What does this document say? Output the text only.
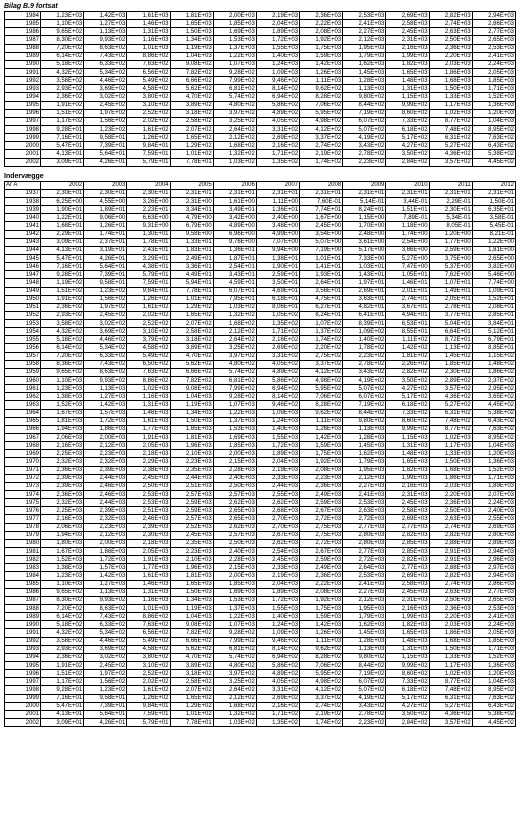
Bilag B.9 fortsat
1984	1,23E+03	1,42E+03	1,61E+03	1,81E+03	2,00E+03	2,19E+03	2,36E+03	2,53E+03	2,69E+03	2,82E+03	2,94E+03
1985	1,10E+03	1,27E+03	1,46E+03	1,65E+03	1,85E+03	2,04E+03	2,22E+03	2,41E+03	2,58E+03	2,74E+03	2,86E+03
1986	9,65E+02	1,13E+03	1,31E+03	1,50E+03	1,69E+03	1,89E+03	2,08E+03	2,27E+03	2,45E+03	2,63E+03	2,77E+03
1987	8,30E+02	9,93E+02	1,16E+03	1,34E+03	1,53E+03	1,72E+03	1,92E+03	2,12E+03	2,31E+03	2,50E+03	2,65E+03
1988	7,20E+02	8,63E+02	1,01E+03	1,19E+03	1,37E+03	1,55E+03	1,75E+03	1,95E+03	2,16E+03	2,36E+03	2,53E+03
1989	6,14E+02	7,43E+02	8,86E+02	1,04E+03	1,22E+03	1,40E+03	1,59E+03	1,79E+03	1,99E+03	2,20E+03	2,41E+03
1990	5,18E+02	6,33E+02	7,63E+02	9,08E+02	1,07E+03	1,24E+03	1,42E+03	1,62E+03	1,82E+03	2,03E+03	2,24E+03
1991	4,32E+02	5,34E+02	6,56E+02	7,82E+02	9,28E+02	1,09E+03	1,26E+03	1,45E+03	1,65E+03	1,86E+03	2,05E+03
1992	3,58E+02	4,46E+02	5,49E+02	6,66E+02	7,99E+02	9,46E+02	1,11E+03	1,28E+03	1,48E+03	1,68E+03	1,85E+03
1993	2,93E+02	3,69E+02	4,58E+02	5,62E+02	6,81E+02	8,14E+02	9,62E+02	1,13E+03	1,31E+03	1,50E+03	1,71E+03
1994	2,36E+02	3,02E+02	3,80E+02	4,70E+02	5,74E+02	6,94E+02	8,28E+02	9,80E+02	1,15E+03	1,33E+03	1,52E+03
1995	1,91E+02	2,45E+02	3,10E+02	3,89E+02	4,80E+02	5,86E+02	7,06E+02	8,44E+02	9,99E+02	1,17E+03	1,36E+03
1996	1,51E+02	1,97E+02	2,52E+02	3,18E+02	3,97E+02	4,89E+02	5,95E+02	7,19E+02	8,60E+02	1,02E+03	1,20E+03
1997	1,17E+02	1,56E+02	2,02E+02	2,58E+02	3,25E+02	4,05E+02	4,98E+02	6,07E+02	7,33E+02	8,77E+02	1,04E+03
1998	9,28E+01	1,23E+02	1,61E+02	2,07E+02	2,64E+02	3,31E+02	4,12E+02	5,07E+02	6,18E+02	7,48E+02	8,95E+02
1999	7,16E+01	9,58E+01	1,26E+02	1,65E+02	2,12E+02	2,69E+02	3,37E+02	4,19E+02	5,17E+02	6,31E+02	7,63E+02
2000	5,47E+01	7,39E+01	9,84E+01	1,29E+02	1,68E+02	2,16E+02	2,74E+02	3,43E+02	4,27E+02	5,27E+02	6,43E+02
2001	4,13E+01	5,64E+01	7,59E+01	1,01E+02	1,32E+02	1,71E+02	2,19E+02	2,78E+02	3,50E+02	4,36E+02	5,38E+02
2002	3,09E+01	4,26E+01	5,79E+01	7,78E+01	1,03E+02	1,35E+02	1,74E+02	2,23E+02	2,84E+02	3,57E+02	4,45E+02
Indervægge
År A	2002	2003	2004	2005	2006	2007	2008	2009	2010	2011	2012
1937	2,30E+01	2,30E+01	2,30E+01	2,31E+01	2,31E+01	2,31E+01	2,31E+01	2,31E+01	2,31E+01	2,31E+01	2,31E+01
1938	6,25E+00	4,55E+00	3,26E+00	2,31E+00	1,61E+00	1,11E+00	7,60E-01	5,14E-01	3,44E-01	2,29E-01	1,50E-01
1939	1,90E+01	1,89E+01	2,23E+01	3,34E+01	3,49E+01	1,36E+01	7,74E+01	8,24E+01	1,51E+01	2,30E+01	6,35E+01
1940	1,22E+01	9,06E+00	6,63E+00	4,79E+00	3,42E+00	2,40E+00	1,67E+00	1,15E+00	7,89E-01	5,34E-01	3,58E-01
1941	1,68E+01	1,26E+01	9,31E+00	6,79E+00	4,89E+00	3,48E+00	2,45E+00	1,70E+00	1,18E+00	8,05E-01	5,45E-01
1942	2,29E+01	1,74E+01	1,30E+01	9,58E+00	6,96E+00	4,99E+00	3,54E+00	2,48E+00	1,74E+00	1,20E+00	8,21E-01
1943	3,09E+01	2,37E+01	1,78E+01	1,33E+01	9,76E+00	7,07E+00	5,07E+00	3,61E+00	2,54E+00	1,77E+00	1,22E+00
1944	4,13E+01	3,19E+01	2,43E+01	1,83E+01	1,36E+01	9,94E+00	7,19E+00	5,17E+00	3,66E+00	2,59E+00	1,81E+00
1945	5,47E+01	4,26E+01	3,29E+01	2,49E+01	1,87E+01	1,38E+01	1,01E+01	7,33E+00	5,27E+00	3,75E+00	2,65E+00
1946	7,16E+01	5,64E+01	4,38E+01	3,36E+01	2,54E+01	1,90E+01	1,41E+01	1,03E+01	7,47E+00	5,37E+00	3,82E+00
1947	9,28E+01	7,39E+01	5,79E+01	4,49E+01	3,43E+01	2,59E+01	1,93E+01	1,43E+01	1,05E+01	7,62E+00	5,46E+00
1948	1,19E+02	9,58E+01	7,59E+01	5,94E+01	4,59E+01	3,50E+01	2,64E+01	1,97E+01	1,46E+01	1,07E+01	7,74E+00
1949	1,51E+02	1,23E+02	9,84E+01	7,78E+01	6,07E+01	4,69E+01	3,56E+01	2,69E+01	2,01E+01	1,49E+01	1,09E+01
1950	1,91E+02	1,56E+02	1,26E+02	1,01E+02	7,95E+01	6,18E+01	4,75E+01	3,63E+01	2,74E+01	2,05E+01	1,52E+01
1951	2,36E+02	1,97E+02	1,61E+02	1,29E+02	1,03E+02	8,06E+01	6,27E+01	4,82E+01	3,67E+01	2,78E+01	2,08E+01
1952	2,93E+02	2,45E+02	2,02E+02	1,65E+02	1,32E+02	1,05E+02	8,24E+01	6,41E+01	4,94E+01	3,77E+01	2,85E+01
1953	3,58E+02	3,02E+02	2,52E+02	2,07E+02	1,68E+02	1,35E+02	1,07E+02	8,39E+01	6,53E+01	5,04E+01	3,84E+01
1954	4,32E+02	3,69E+02	3,10E+02	2,58E+02	2,12E+02	1,71E+02	1,37E+02	1,09E+02	8,55E+01	6,64E+01	5,12E+01
1955	5,18E+02	4,46E+02	3,79E+02	3,18E+02	2,64E+02	2,16E+02	1,74E+02	1,40E+02	1,11E+02	8,72E+01	6,79E+01
1956	6,14E+02	5,34E+02	4,58E+02	3,89E+02	3,25E+02	2,69E+02	2,20E+02	1,78E+02	1,42E+02	1,13E+02	8,85E+01
1957	7,20E+02	6,33E+02	5,49E+02	4,70E+02	3,97E+02	3,31E+02	2,75E+02	2,23E+02	1,81E+02	1,45E+02	1,15E+02
1958	8,36E+02	7,43E+02	6,50E+02	5,62E+02	4,80E+02	4,05E+02	3,37E+02	2,78E+02	2,26E+02	1,85E+02	1,48E+02
1959	9,65E+02	8,63E+02	7,63E+02	6,66E+02	5,74E+02	4,89E+02	4,12E+02	3,43E+02	2,82E+02	2,30E+02	1,86E+02
1960	1,10E+03	9,93E+02	8,86E+02	7,82E+02	6,81E+02	5,86E+02	4,98E+02	4,19E+02	3,50E+02	2,89E+02	2,37E+02
1961	1,23E+03	1,13E+03	1,02E+03	9,08E+02	7,99E+02	6,94E+02	5,95E+02	5,07E+02	4,27E+02	3,57E+02	2,95E+02
1962	1,38E+03	1,27E+03	1,16E+03	1,04E+03	9,28E+02	8,14E+02	7,06E+02	6,07E+02	5,17E+02	4,36E+02	3,65E+02
1963	1,52E+03	1,42E+03	1,31E+03	1,19E+03	1,07E+03	9,46E+02	8,28E+02	7,19E+02	6,18E+02	5,27E+02	4,45E+02
1964	1,67E+03	1,57E+03	1,46E+03	1,34E+03	1,22E+03	1,09E+03	9,62E+02	8,44E+02	7,33E+02	6,31E+02	5,38E+02
1965	1,81E+03	1,72E+03	1,61E+03	1,50E+03	1,37E+03	1,24E+03	1,11E+03	9,80E+02	8,60E+02	7,48E+02	6,43E+02
1966	1,94E+03	1,86E+03	1,77E+03	1,65E+03	1,53E+03	1,40E+03	1,26E+03	1,13E+03	9,99E+02	8,77E+02	7,63E+02
1967	2,06E+03	2,00E+03	1,91E+03	1,81E+03	1,69E+03	1,55E+03	1,42E+03	1,28E+03	1,15E+03	1,02E+03	8,95E+02
1968	2,16E+03	2,12E+03	2,05E+03	1,96E+03	1,85E+03	1,72E+03	1,59E+03	1,45E+03	1,31E+03	1,17E+03	1,04E+03
1969	2,25E+03	2,23E+03	2,18E+03	2,10E+03	2,00E+03	1,89E+03	1,75E+03	1,62E+03	1,48E+03	1,33E+03	1,20E+03
1970	2,32E+03	2,32E+03	2,29E+03	2,23E+03	2,15E+03	2,04E+03	1,92E+03	1,79E+03	1,65E+03	1,50E+03	1,36E+03
1971	2,36E+03	2,39E+03	2,38E+03	2,35E+03	2,28E+03	2,19E+03	2,08E+03	1,95E+03	1,82E+03	1,68E+03	1,52E+03
1972	2,39E+03	2,44E+03	2,45E+03	2,44E+03	2,40E+03	2,33E+03	2,23E+03	2,12E+03	1,99E+03	1,86E+03	1,71E+03
1973	2,39E+03	2,46E+03	2,50E+03	2,51E+03	2,50E+03	2,44E+03	2,36E+03	2,27E+03	2,16E+03	2,03E+03	1,89E+03
1974	2,36E+03	2,46E+03	2,53E+03	2,57E+03	2,57E+03	2,55E+03	2,49E+03	2,41E+03	2,31E+03	2,20E+03	2,07E+03
1975	2,32E+03	2,44E+03	2,53E+03	2,59E+03	2,62E+03	2,62E+03	2,59E+03	2,53E+03	2,45E+03	2,36E+03	2,24E+03
1976	2,25E+03	2,39E+03	2,51E+03	2,59E+03	2,65E+03	2,68E+03	2,67E+03	2,63E+03	2,58E+03	2,50E+03	2,40E+03
1977	2,16E+03	2,32E+03	2,46E+03	2,57E+03	2,65E+03	2,70E+03	2,72E+03	2,72E+03	2,69E+03	2,63E+03	2,55E+03
1978	2,06E+03	2,23E+03	2,39E+03	2,52E+03	2,62E+03	2,70E+03	2,75E+03	2,77E+03	2,77E+03	2,74E+03	2,69E+03
1979	1,94E+03	2,12E+03	2,30E+03	2,45E+03	2,57E+03	2,67E+03	2,75E+03	2,80E+03	2,82E+03	2,82E+03	2,80E+03
1980	1,80E+03	2,00E+03	2,18E+03	2,35E+03	2,50E+03	2,62E+03	2,72E+03	2,80E+03	2,85E+03	2,88E+03	2,89E+03
1981	1,67E+03	1,86E+03	2,05E+03	2,23E+03	2,40E+03	2,54E+03	2,67E+03	2,77E+03	2,85E+03	2,91E+03	2,94E+03
1982	1,52E+03	1,72E+03	1,91E+03	2,10E+03	2,28E+03	2,45E+03	2,59E+03	2,72E+03	2,82E+03	2,91E+03	2,96E+03
1983	1,38E+03	1,57E+03	1,77E+03	1,96E+03	2,15E+03	2,33E+03	2,49E+03	2,64E+03	2,77E+03	2,88E+03	2,97E+03
1984	1,23E+03	1,42E+03	1,61E+03	1,81E+03	2,00E+03	2,19E+03	2,36E+03	2,53E+03	2,69E+03	2,82E+03	2,94E+03
1985	1,10E+03	1,27E+03	1,46E+03	1,65E+03	1,85E+03	2,04E+03	2,22E+03	2,41E+03	2,58E+03	2,74E+03	2,86E+03
1986	9,65E+02	1,13E+03	1,31E+03	1,50E+03	1,69E+03	1,89E+03	2,08E+03	2,27E+03	2,45E+03	2,63E+03	2,77E+03
1987	8,30E+02	9,93E+02	1,16E+03	1,34E+03	1,53E+03	1,72E+03	1,92E+03	2,12E+03	2,31E+03	2,50E+03	2,65E+03
1988	7,20E+02	8,63E+02	1,01E+03	1,19E+03	1,37E+03	1,55E+03	1,75E+03	1,95E+03	2,16E+03	2,36E+03	2,53E+03
1989	6,14E+02	7,43E+02	8,86E+02	1,04E+03	1,22E+03	1,40E+03	1,59E+03	1,79E+03	1,99E+03	2,20E+03	2,41E+03
1990	5,18E+02	6,33E+02	7,63E+02	9,08E+02	1,07E+03	1,24E+03	1,42E+03	1,62E+03	1,82E+03	2,03E+03	2,24E+03
1991	4,32E+02	5,34E+02	6,56E+02	7,82E+02	9,28E+02	1,09E+03	1,26E+03	1,45E+03	1,65E+03	1,86E+03	2,05E+03
1992	3,58E+02	4,46E+02	5,49E+02	6,66E+02	7,99E+02	9,46E+02	1,11E+03	1,28E+03	1,48E+03	1,68E+03	1,85E+03
1993	2,93E+02	3,69E+02	4,58E+02	5,62E+02	6,81E+02	8,14E+02	9,62E+02	1,13E+03	1,31E+03	1,50E+03	1,71E+03
1994	2,36E+02	3,02E+02	3,80E+02	4,70E+02	5,74E+02	6,94E+02	8,28E+02	9,80E+02	1,15E+03	1,33E+03	1,52E+03
1995	1,91E+02	2,45E+02	3,10E+02	3,89E+02	4,80E+02	5,86E+02	7,06E+02	8,44E+02	9,99E+02	1,17E+03	1,36E+03
1996	1,51E+02	1,97E+02	2,52E+02	3,18E+02	3,97E+02	4,89E+02	5,95E+02	7,19E+02	8,60E+02	1,02E+03	1,20E+03
1997	1,17E+02	1,56E+02	2,02E+02	2,58E+02	3,25E+02	4,05E+02	4,98E+02	6,07E+02	7,33E+02	8,77E+02	1,04E+03
1998	9,28E+01	1,23E+02	1,61E+02	2,07E+02	2,64E+02	3,31E+02	4,12E+02	5,07E+02	6,18E+02	7,48E+02	8,95E+02
1999	7,16E+01	9,58E+01	1,26E+02	1,65E+02	2,12E+02	2,69E+02	3,37E+02	4,19E+02	5,17E+02	6,31E+02	7,63E+02
2000	5,47E+01	7,39E+01	9,84E+01	1,29E+02	1,68E+02	2,16E+02	2,74E+02	3,43E+02	4,27E+02	5,27E+02	6,43E+02
2001	4,13E+01	5,64E+01	7,59E+01	1,01E+02	1,32E+02	1,71E+02	2,19E+02	2,78E+02	3,50E+02	4,36E+02	5,38E+02
2002	3,09E+01	4,26E+01	5,79E+01	7,78E+01	1,03E+02	1,35E+02	1,74E+02	2,23E+02	2,84E+02	3,57E+02	4,45E+02
